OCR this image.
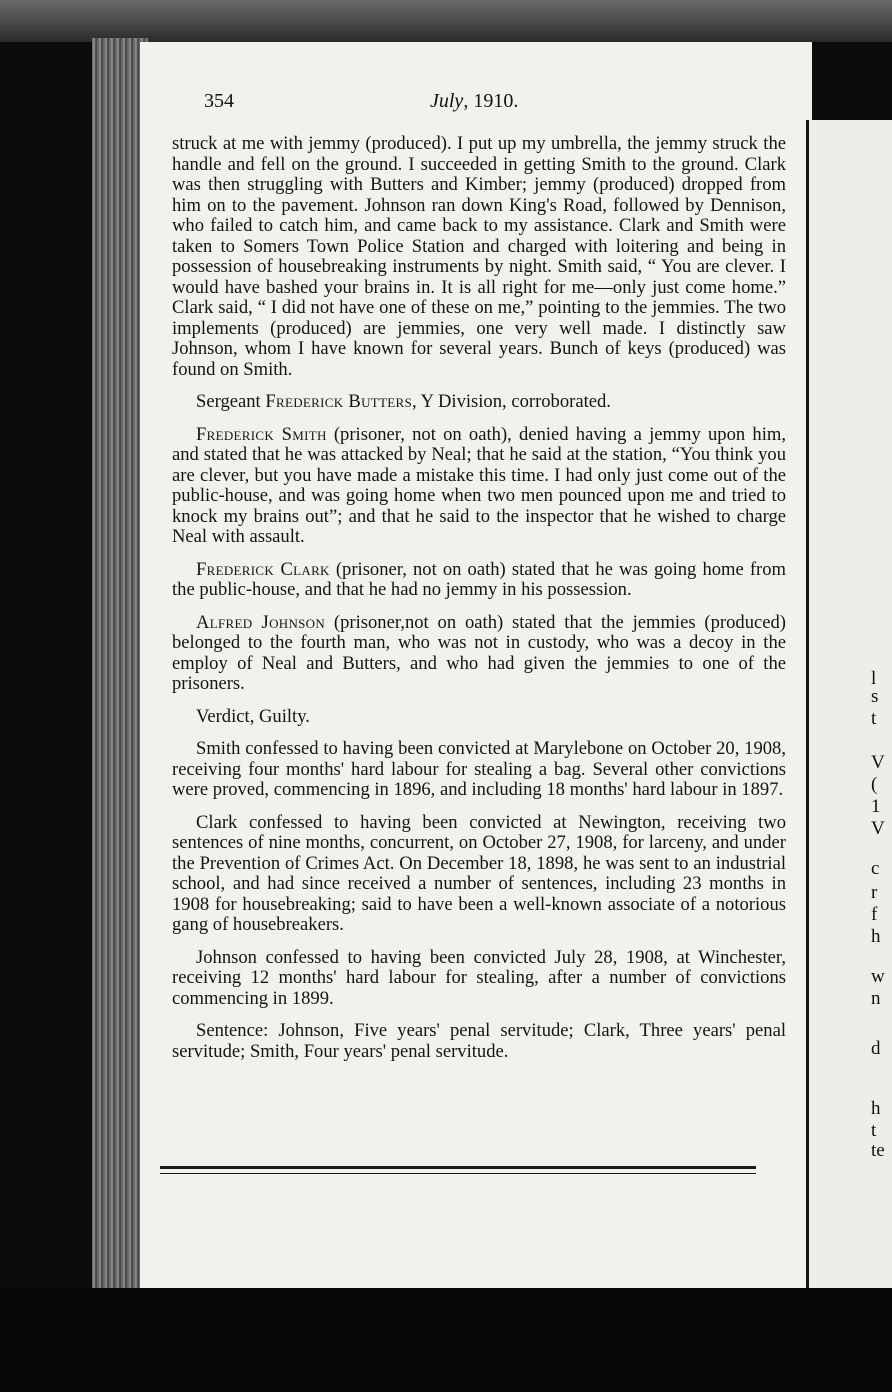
l
s
t
V
(
1
V
c
r
f
h
w
n
d
h
t
te
354	July, 1910.

struck at me with jemmy (produced). I put up my umbrella, the jemmy struck the handle and fell on the ground. I succeeded in getting Smith to the ground. Clark was then struggling with Butters and Kimber; jemmy (produced) dropped from him on to the pavement. Johnson ran down King's Road, followed by Dennison, who failed to catch him, and came back to my assistance. Clark and Smith were taken to Somers Town Police Station and charged with loitering and being in possession of housebreaking instruments by night. Smith said, “ You are clever. I would have bashed your brains in. It is all right for me—only just come home.” Clark said, “ I did not have one of these on me,” pointing to the jemmies. The two implements (produced) are jemmies, one very well made. I distinctly saw Johnson, whom I have known for several years. Bunch of keys (produced) was found on Smith.

Sergeant Frederick Butters, Y Division, corroborated.

Frederick Smith (prisoner, not on oath), denied having a jemmy upon him, and stated that he was attacked by Neal; that he said at the station, “You think you are clever, but you have made a mistake this time. I had only just come out of the public-house, and was going home when two men pounced upon me and tried to knock my brains out”; and that he said to the inspector that he wished to charge Neal with assault.

Frederick Clark (prisoner, not on oath) stated that he was going home from the public-house, and that he had no jemmy in his possession.

Alfred Johnson (prisoner,not on oath) stated that the jemmies (produced) belonged to the fourth man, who was not in custody, who was a decoy in the employ of Neal and Butters, and who had given the jemmies to one of the prisoners.

Verdict, Guilty.

Smith confessed to having been convicted at Marylebone on October 20, 1908, receiving four months' hard labour for stealing a bag. Several other convictions were proved, commencing in 1896, and including 18 months' hard labour in 1897.

Clark confessed to having been convicted at Newington, receiving two sentences of nine months, concurrent, on October 27, 1908, for larceny, and under the Prevention of Crimes Act. On December 18, 1898, he was sent to an industrial school, and had since received a number of sentences, including 23 months in 1908 for housebreaking; said to have been a well-known associate of a notorious gang of housebreakers.

Johnson confessed to having been convicted July 28, 1908, at Winchester, receiving 12 months' hard labour for stealing, after a number of convictions commencing in 1899.

Sentence: Johnson, Five years' penal servitude; Clark, Three years' penal servitude; Smith, Four years' penal servitude.
